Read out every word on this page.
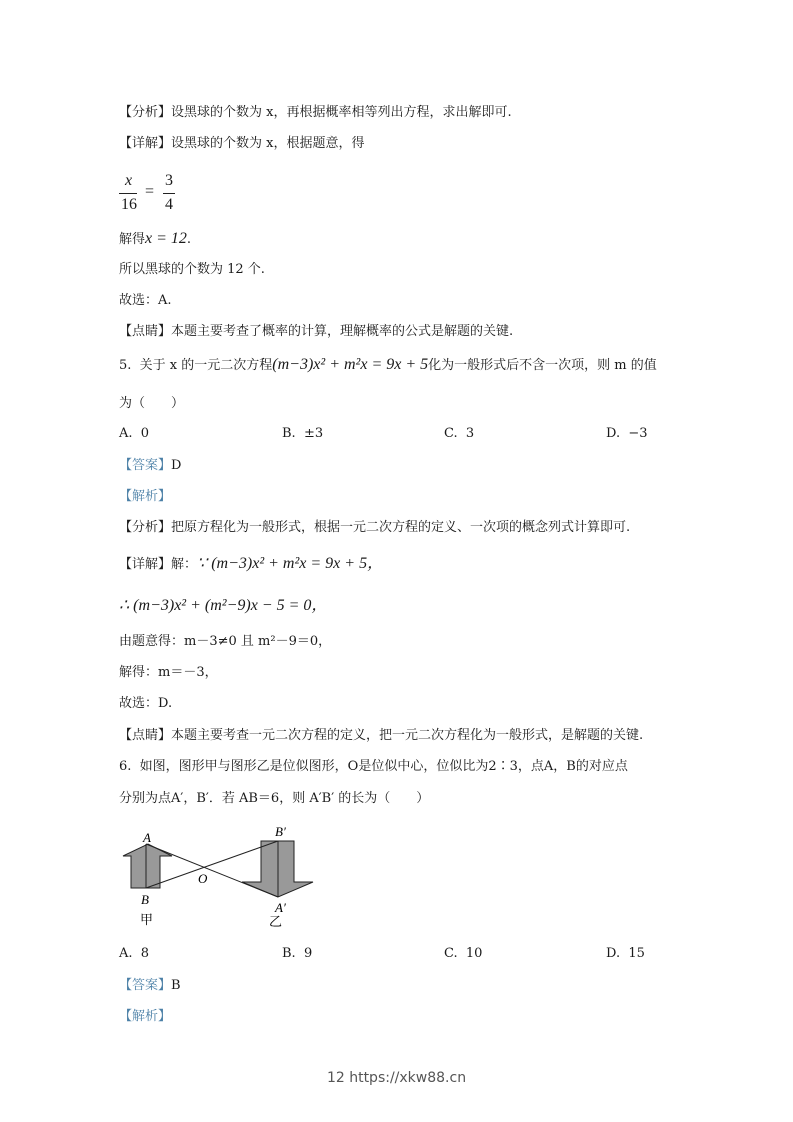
【分析】设黑球的个数为 x，再根据概率相等列出方程，求出解即可.
【详解】设黑球的个数为 x，根据题意，得
x
16
=
3
4
解得x = 12.
所以黑球的个数为 12 个.
故选：A.
【点睛】本题主要考查了概率的计算，理解概率的公式是解题的关键.
5. 关于 x 的一元二次方程(m−3)x² + m²x = 9x + 5化为一般形式后不含一次项，则 m 的值
为（　　）
A. 0	B. ±3	C. 3	D. −3
【答案】D
【解析】
【分析】把原方程化为一般形式，根据一元二次方程的定义、一次项的概念列式计算即可.
【详解】解：∵ (m−3)x² + m²x = 9x + 5，
∴ (m−3)x² + (m²−9)x − 5 = 0，
由题意得：m－3≠0 且 m²－9＝0，
解得：m＝－3，
故选：D.
【点睛】本题主要考查一元二次方程的定义，把一元二次方程化为一般形式，是解题的关键.
6. 如图，图形甲与图形乙是位似图形，O是位似中心，位似比为2∶3，点A，B的对应点
分别为点A′，B′．若 AB＝6，则 A′B′ 的长为（　　）
A
B
O
B′
A′
甲	乙
A. 8	B. 9	C. 10	D. 15
【答案】B
【解析】
12 https://xkw88.cn
